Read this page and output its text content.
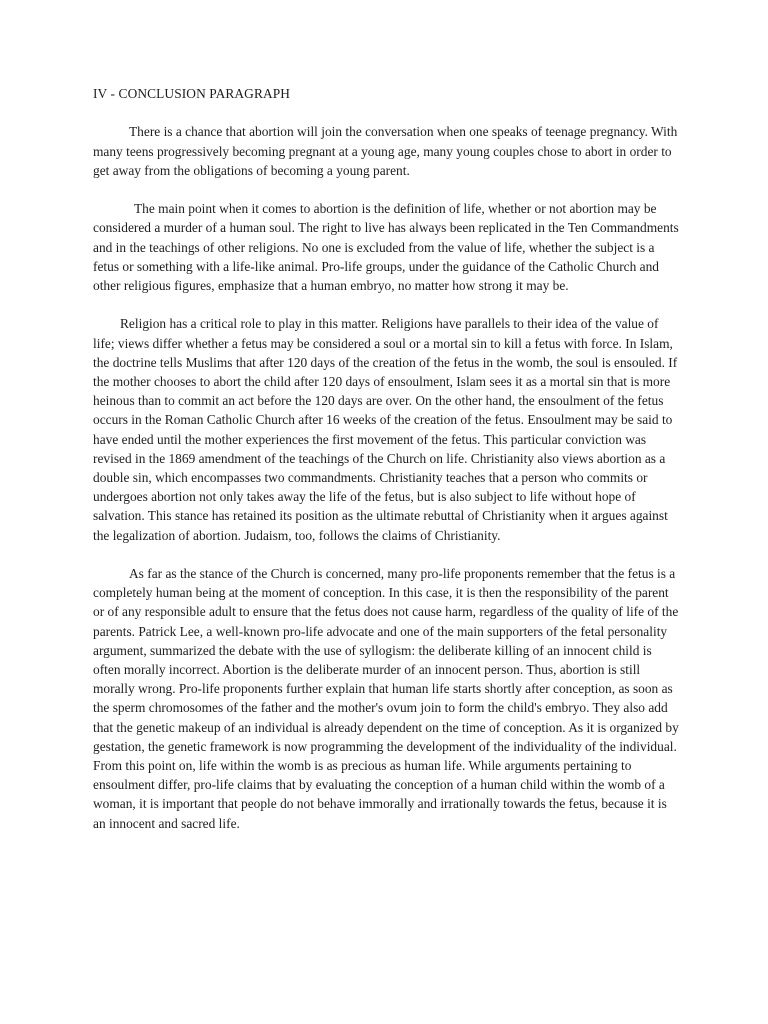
IV - CONCLUSION PARAGRAPH

There is a chance that abortion will join the conversation when one speaks of teenage pregnancy. With many teens progressively becoming pregnant at a young age, many young couples chose to abort in order to get away from the obligations of becoming a young parent.

The main point when it comes to abortion is the definition of life, whether or not abortion may be considered a murder of a human soul. The right to live has always been replicated in the Ten Commandments and in the teachings of other religions. No one is excluded from the value of life, whether the subject is a fetus or something with a life-like animal. Pro-life groups, under the guidance of the Catholic Church and other religious figures, emphasize that a human embryo, no matter how strong it may be.

Religion has a critical role to play in this matter. Religions have parallels to their idea of the value of life; views differ whether a fetus may be considered a soul or a mortal sin to kill a fetus with force. In Islam, the doctrine tells Muslims that after 120 days of the creation of the fetus in the womb, the soul is ensouled. If the mother chooses to abort the child after 120 days of ensoulment, Islam sees it as a mortal sin that is more heinous than to commit an act before the 120 days are over. On the other hand, the ensoulment of the fetus occurs in the Roman Catholic Church after 16 weeks of the creation of the fetus. Ensoulment may be said to have ended until the mother experiences the first movement of the fetus. This particular conviction was revised in the 1869 amendment of the teachings of the Church on life. Christianity also views abortion as a double sin, which encompasses two commandments. Christianity teaches that a person who commits or undergoes abortion not only takes away the life of the fetus, but is also subject to life without hope of salvation. This stance has retained its position as the ultimate rebuttal of Christianity when it argues against the legalization of abortion. Judaism, too, follows the claims of Christianity.

As far as the stance of the Church is concerned, many pro-life proponents remember that the fetus is a completely human being at the moment of conception. In this case, it is then the responsibility of the parent or of any responsible adult to ensure that the fetus does not cause harm, regardless of the quality of life of the parents. Patrick Lee, a well-known pro-life advocate and one of the main supporters of the fetal personality argument, summarized the debate with the use of syllogism: the deliberate killing of an innocent child is often morally incorrect. Abortion is the deliberate murder of an innocent person. Thus, abortion is still morally wrong. Pro-life proponents further explain that human life starts shortly after conception, as soon as the sperm chromosomes of the father and the mother's ovum join to form the child's embryo. They also add that the genetic makeup of an individual is already dependent on the time of conception. As it is organized by gestation, the genetic framework is now programming the development of the individuality of the individual. From this point on, life within the womb is as precious as human life. While arguments pertaining to ensoulment differ, pro-life claims that by evaluating the conception of a human child within the womb of a woman, it is important that people do not behave immorally and irrationally towards the fetus, because it is an innocent and sacred life.
